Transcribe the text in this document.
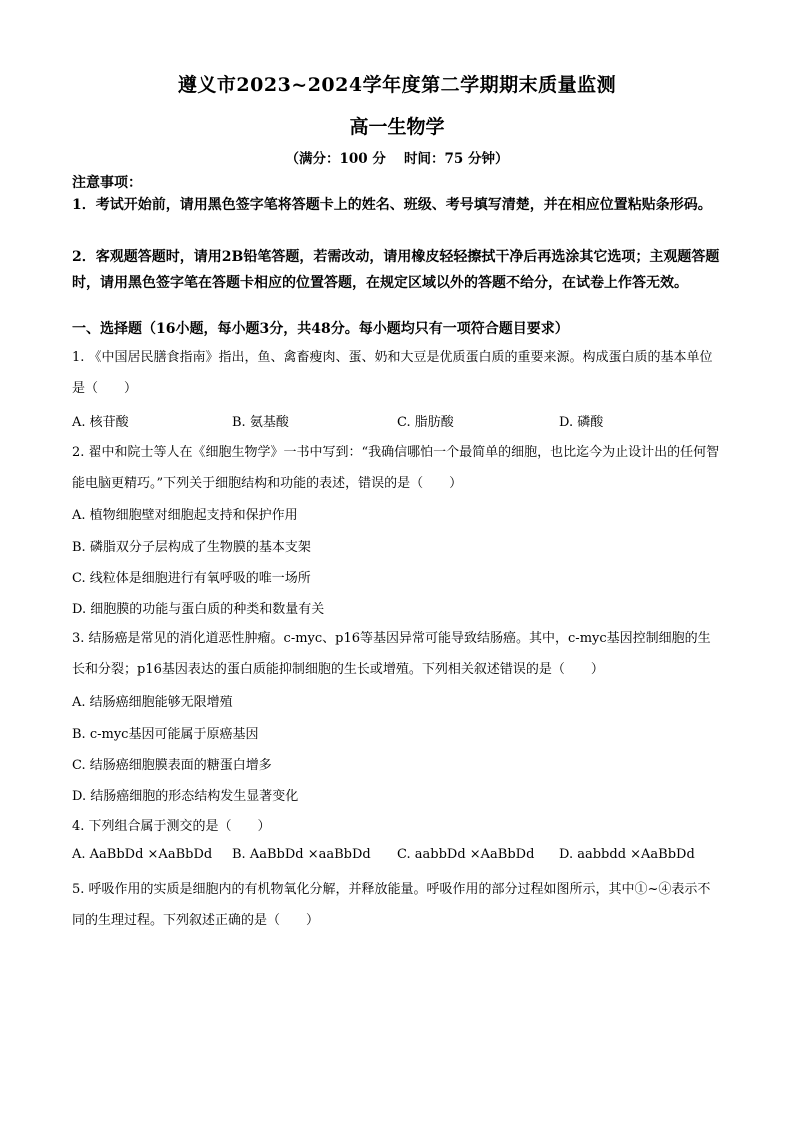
遵义市2023~2024学年度第二学期期末质量监测
高一生物学
（满分：100 分　 时间：75 分钟）
注意事项：
1．考试开始前，请用黑色签字笔将答题卡上的姓名、班级、考号填写清楚，并在相应位置粘贴条形码。
2．客观题答题时，请用2B铅笔答题，若需改动，请用橡皮轻轻擦拭干净后再选涂其它选项；主观题答题时，请用黑色签字笔在答题卡相应的位置答题，在规定区域以外的答题不给分，在试卷上作答无效。
一、选择题（16小题，每小题3分，共48分。每小题均只有一项符合题目要求）
1. 《中国居民膳食指南》指出，鱼、禽畜瘦肉、蛋、奶和大豆是优质蛋白质的重要来源。构成蛋白质的基本单位是（　　）
A. 核苷酸	B. 氨基酸	C. 脂肪酸	D. 磷酸
2. 翟中和院士等人在《细胞生物学》一书中写到：“我确信哪怕一个最简单的细胞，也比迄今为止设计出的任何智能电脑更精巧。”下列关于细胞结构和功能的表述，错误的是（　　）
A. 植物细胞壁对细胞起支持和保护作用
B. 磷脂双分子层构成了生物膜的基本支架
C. 线粒体是细胞进行有氧呼吸的唯一场所
D. 细胞膜的功能与蛋白质的种类和数量有关
3. 结肠癌是常见的消化道恶性肿瘤。c-myc、p16等基因异常可能导致结肠癌。其中，c-myc基因控制细胞的生长和分裂；p16基因表达的蛋白质能抑制细胞的生长或增殖。下列相关叙述错误的是（　　）
A. 结肠癌细胞能够无限增殖
B. c-myc基因可能属于原癌基因
C. 结肠癌细胞膜表面的糖蛋白增多
D. 结肠癌细胞的形态结构发生显著变化
4. 下列组合属于测交的是（　　）
A. AaBbDd ×AaBbDd B. AaBbDd ×aaBbDd C. aabbDd ×AaBbDd D. aabbdd ×AaBbDd
5. 呼吸作用的实质是细胞内的有机物氧化分解，并释放能量。呼吸作用的部分过程如图所示，其中①~④表示不同的生理过程。下列叙述正确的是（　　）
